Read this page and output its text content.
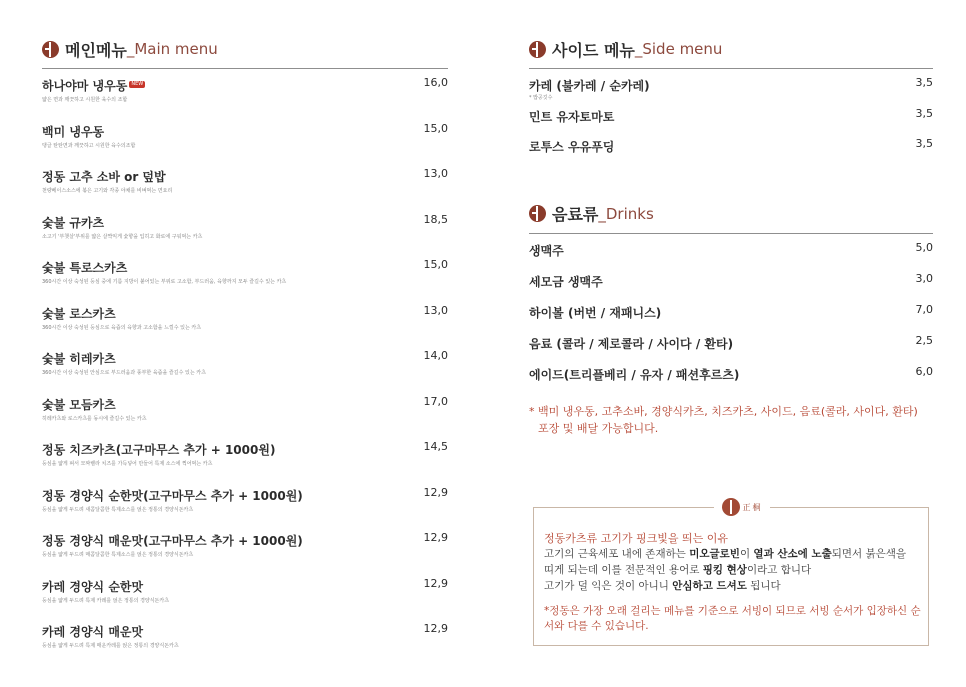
메인메뉴 _Main menu
하나야마 냉우동 NEW	16,0
얇은 면과 깨끗하고 시원한 육수의 조합
백미 냉우동	15,0
탱글 탄탄면과 깨끗하고 시원한 육수의조합
정동 고추 소바 or 덮밥	13,0
천량베이스소스에 볶은 고기와 각종 야채를 비벼먹는 면요리
숯불 규카츠	18,5
소고기 '부챗살'부위를 얇은 살짝익게 숯향을 입히고 화로에 구워먹는 카츠
숯불 특로스카츠	15,0
360시간 이상 숙성된 등심 중에 기름 지방이 붙어있는 부위로 고소함, 부드러움, 육향까지 모두 즐길수 있는 카츠
숯불 로스카츠	13,0
360시간 이상 숙성된 등심으로 육즙의 육향과 고소함을 느낄수 있는 카츠
숯불 히레카츠	14,0
360시간 이상 숙성된 안심으로 부드러움과 풍부한 육즙을 즐길수 있는 카츠
숯불 모듬카츠	17,0
히레카츠와 로스카츠를 동시에 즐길수 있는 카츠
정동 치즈카츠(고구마무스 추가 + 1000원)	14,5
등심을 얇게 펴서 모짜렐라 치즈를 가득넣어 만들어 특제 소스에 찍어먹는 카츠
정동 경양식 순한맛(고구마무스 추가 + 1000원)	12,9
등심을 얇게 두드려 새콤달콤한 특제소스를 얹은 정통의 경양식돈카츠
정동 경양식 매운맛(고구마무스 추가 + 1000원)	12,9
등심을 얇게 두드려 매콤달콤한 특제소스를 얹은 정통의 경양식돈카츠
카레 경양식 순한맛	12,9
등심을 얇게 두드려 특제 카레를 얹은 정통의 경양식돈카츠
카레 경양식 매운맛	12,9
등심을 얇게 두드려 특제 매운카레를 얹은 정통의 경양식돈카츠
사이드 메뉴 _Side menu
카레 (불카레 / 순카레)	3,5
* 밥공깃수
민트 유자토마토	3,5
로투스 우유푸딩	3,5
음료류 _Drinks
생맥주	5,0
세모금 생맥주	3,0
하이볼 (버번 / 재패니스)	7,0
음료 (콜라 / 제로콜라 / 사이다 / 환타)	2,5
에이드(트리플베리 / 유자 / 패션후르츠)	6,0
* 백미 냉우동, 고추소바, 경양식카츠, 치즈카츠, 사이드, 음료(콜라, 사이다, 환타)
포장 및 배달 가능합니다.
正桐
정동카츠류 고기가 핑크빛을 띄는 이유
고기의 근육세포 내에 존재하는 미오글로빈이 열과 산소에 노출되면서 붉은색을
띠게 되는데 이를 전문적인 용어로 핑킹 현상이라고 합니다
고기가 덜 익은 것이 아니니 안심하고 드셔도 됩니다
*정동은 가장 오래 걸리는 메뉴를 기준으로 서빙이 되므로 서빙 순서가 입장하신 순서와 다를 수 있습니다.
